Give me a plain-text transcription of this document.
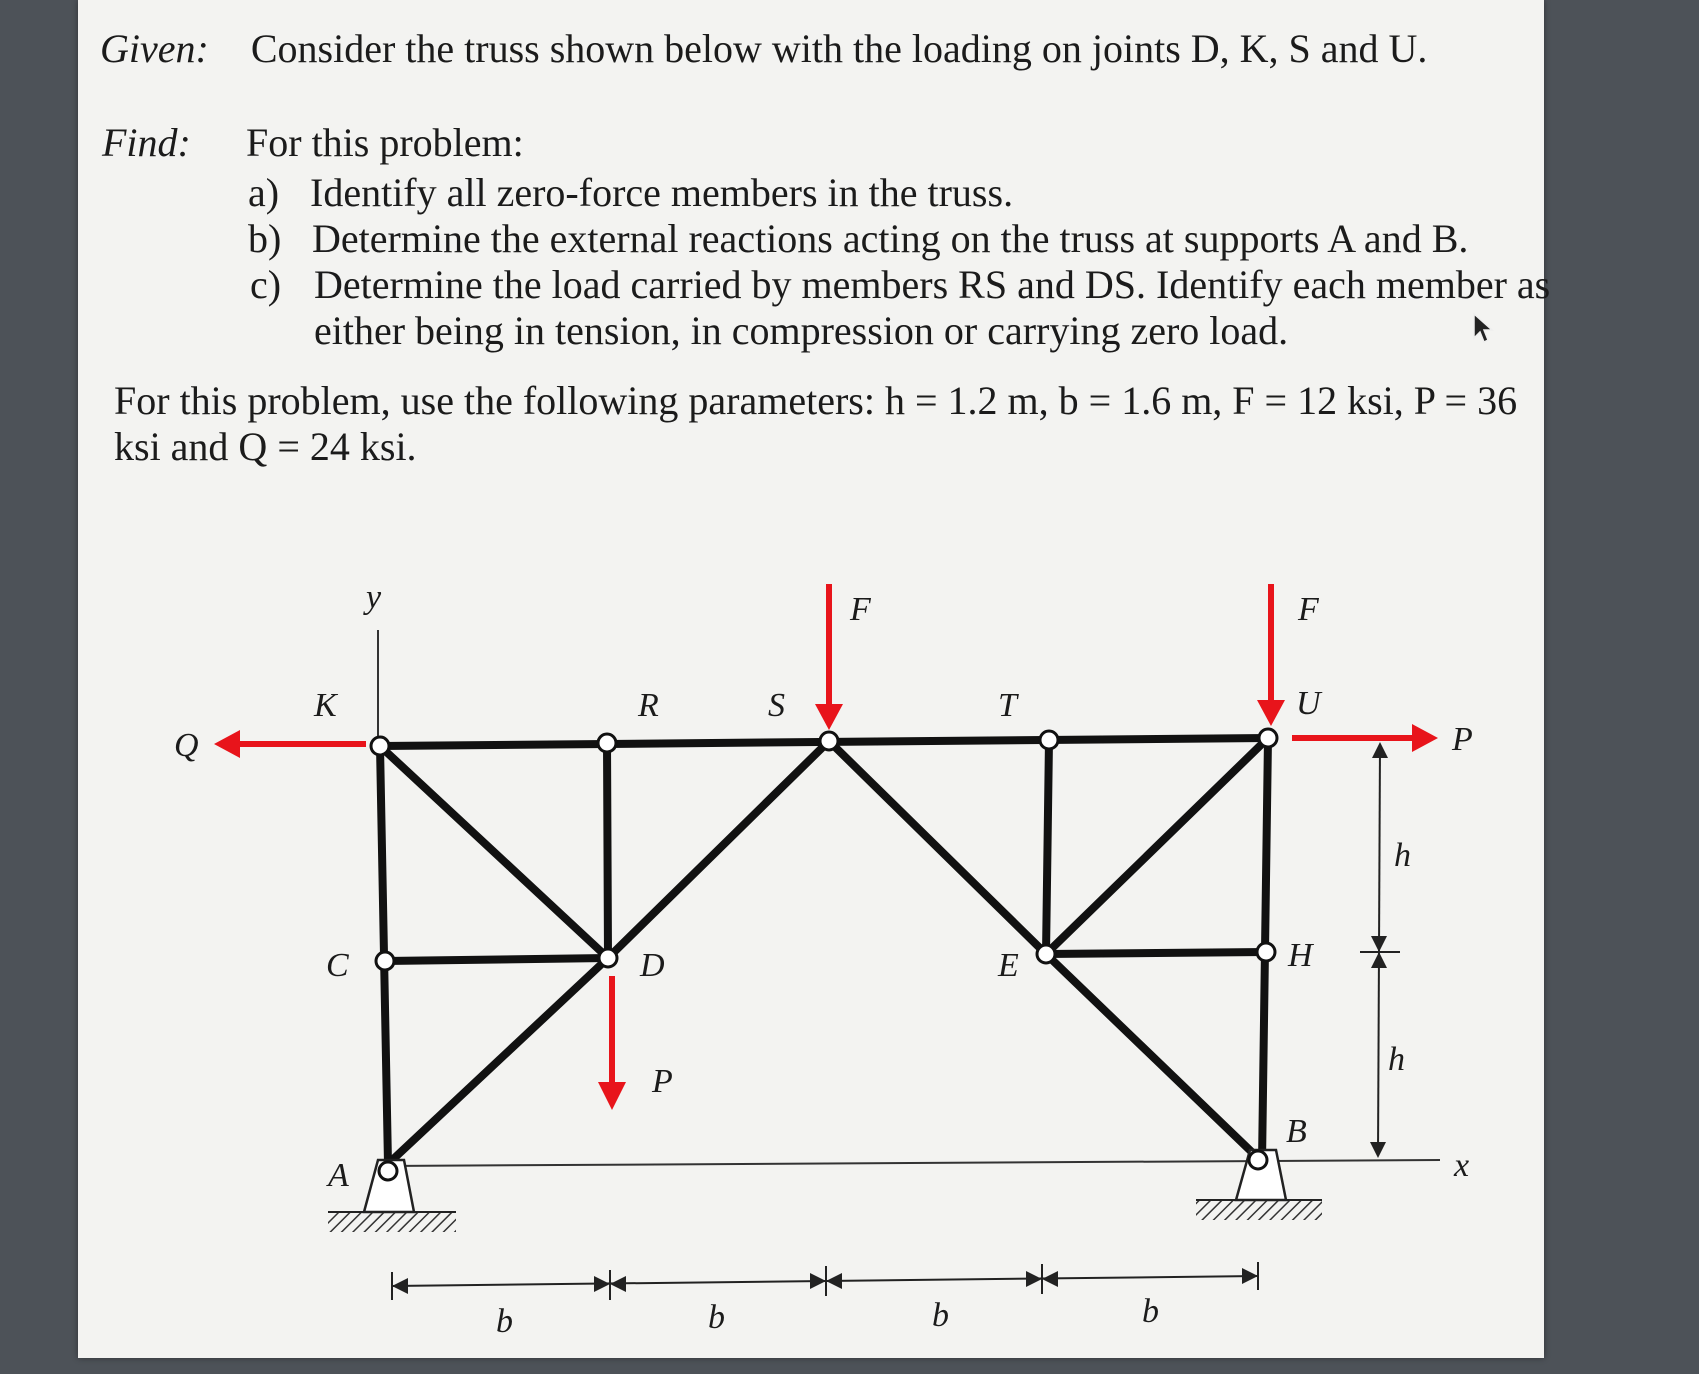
Given: Consider the truss shown below with the loading on joints D, K, S and U.
Find: For this problem:
a) Identify all zero-force members in the truss.
b) Determine the external reactions acting on the truss at supports A and B.
c) Determine the load carried by members RS and DS. Identify each member as
either being in tension, in compression or carrying zero load.
For this problem, use the following parameters: h = 1.2 m, b = 1.6 m, F = 12 ksi, P = 36
ksi and Q = 24 ksi.
y
x
K	R	S	T	U
C	D	E	H
A
B
F	F
Q	P
P
h
h
b	b	b	b
